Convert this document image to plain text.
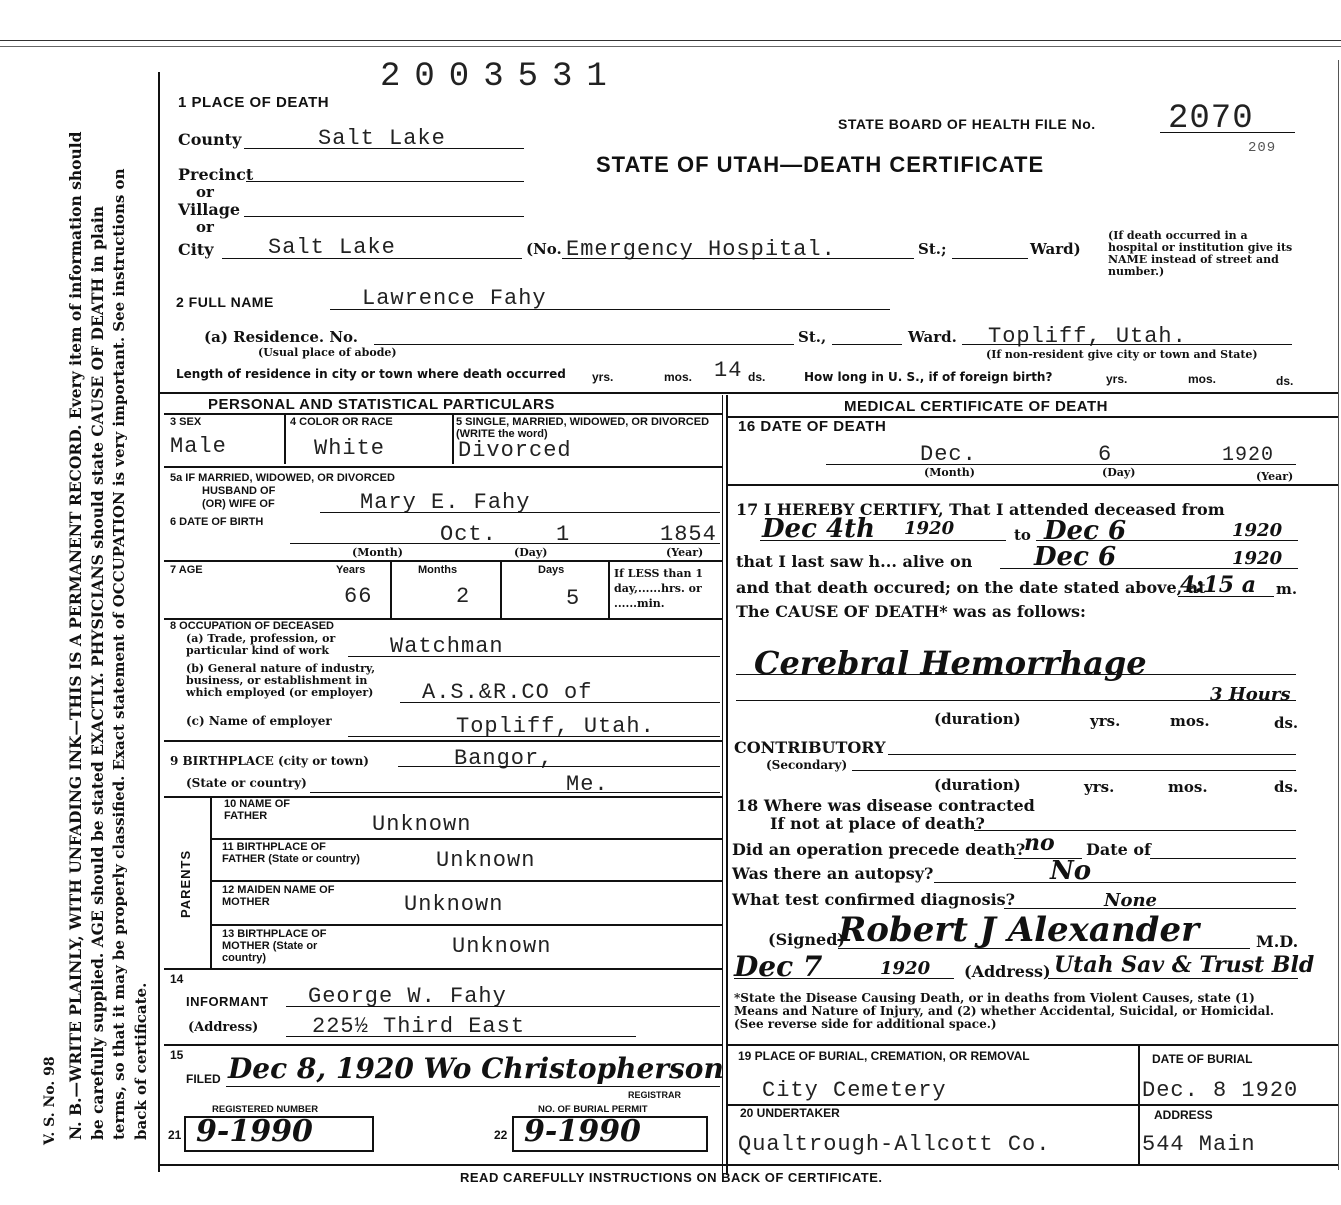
V. S. No. 98 N. B.—WRITE PLAINLY, WITH UNFADING INK—THIS IS A PERMANENT RECORD. Every item of information should be carefully supplied. AGE should be stated EXACTLY. PHYSICIANS should state CAUSE OF DEATH in plain terms, so that it may be properly classified. Exact statement of OCCUPATION is very important. See instructions on back of certificate.
2003531
1 PLACE OF DEATH
STATE BOARD OF HEALTH FILE No. 2070
209
STATE OF UTAH—DEATH CERTIFICATE
County	Salt Lake
Precinct
or
Village
or
City Salt Lake	(No. Emergency Hospital.	St.;	Ward)
(If death occurred in a hospital or institution give its NAME instead of street and number.)
2 FULL NAME	Lawrence Fahy
(a) Residence. No.
(Usual place of abode)
St.,	Ward. Topliff, Utah.
(If non-resident give city or town and State)
Length of residence in city or town where death occurred yrs.	mos. 14 ds.	How long in U. S., if of foreign birth?	yrs.	mos.	ds.
PERSONAL AND STATISTICAL PARTICULARS
3 SEX
Male
4 COLOR OR RACE
White
5 SINGLE, MARRIED, WIDOWED, OR DIVORCED (WRITE the word)
Divorced
5a IF MARRIED, WIDOWED, OR DIVORCED
HUSBAND OF
(OR) WIFE OF	Mary E. Fahy
6 DATE OF BIRTH	Oct.	1	1854
(Month)	(Day)	(Year)
7 AGE	Years	Months	Days
66	2	5
If LESS than 1 day,......hrs. or ......min.
8 OCCUPATION OF DECEASED
(a) Trade, profession, or particular kind of work	Watchman
(b) General nature of industry, business, or establishment in which employed (or employer)	A.S.&R.CO of
(c) Name of employer	Topliff, Utah.
9 BIRTHPLACE (city or town)	Bangor,
(State or country)	Me.
PARENTS
10 NAME OF FATHER	Unknown
11 BIRTHPLACE OF FATHER (State or country)	Unknown
12 MAIDEN NAME OF MOTHER	Unknown
13 BIRTHPLACE OF MOTHER (State or country)	Unknown
14
INFORMANT George W. Fahy
(Address) 225½ Third East
15
FILED Dec 8, 1920 Wo Christopherson
REGISTRAR
REGISTERED NUMBER	NO. OF BURIAL PERMIT
21 9-1990	22 9-1990
MEDICAL CERTIFICATE OF DEATH
16 DATE OF DEATH
Dec.	6	1920
(Month)	(Day)	(Year)
17 I HEREBY CERTIFY, That I attended deceased from
Dec 4th 1920	to Dec 6	1920
that I last saw h... alive on Dec 6	1920
and that death occured; on the date stated above, at
4:15 a m.
The CAUSE OF DEATH* was as follows:
Cerebral Hemorrhage
3 Hours
(duration)	yrs.	mos.	ds.
CONTRIBUTORY
(Secondary)
(duration)	yrs.	mos.	ds.
18 Where was disease contracted
If not at place of death?
Did an operation precede death?
no Date of
Was there an autopsy?	No
What test confirmed diagnosis?	None
(Signed)
Robert J Alexander	M.D.
Dec 7	1920 (Address) Utah Sav & Trust Bld
*State the Disease Causing Death, or in deaths from Violent Causes, state (1) Means and Nature of Injury, and (2) whether Accidental, Suicidal, or Homicidal. (See reverse side for additional space.)
19 PLACE OF BURIAL, CREMATION, OR REMOVAL
City Cemetery
DATE OF BURIAL
Dec. 8 1920
20 UNDERTAKER	ADDRESS
Qualtrough-Allcott Co.	544 Main
READ CAREFULLY INSTRUCTIONS ON BACK OF CERTIFICATE.
